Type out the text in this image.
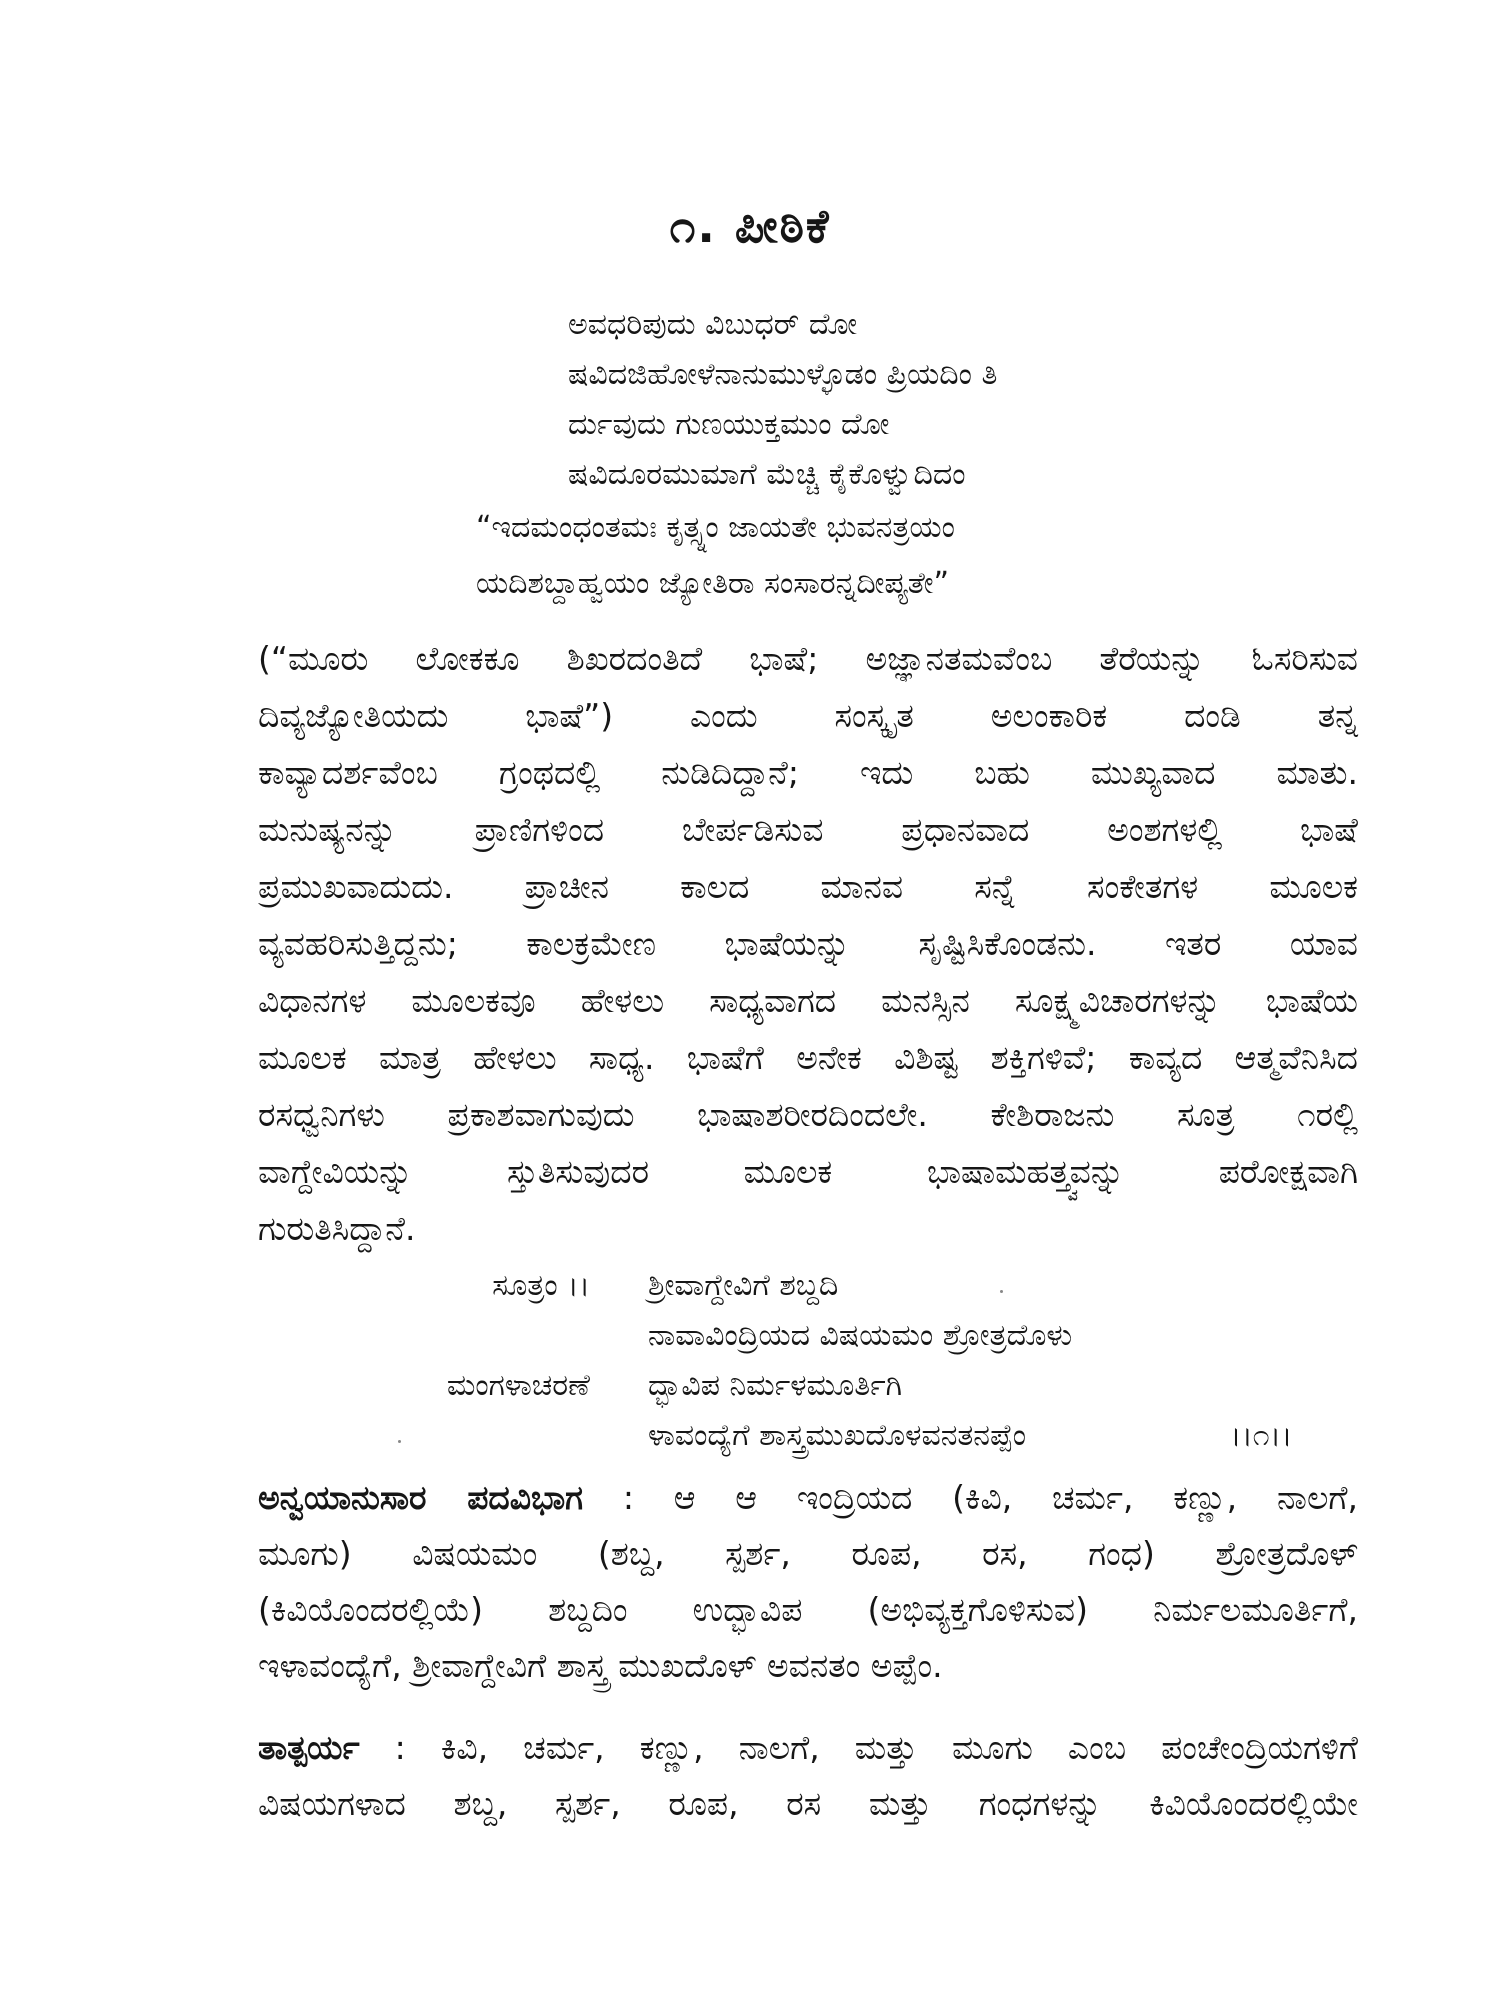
೧. ಪೀಠಿಕೆ
ಅವಧರಿಪುದು ವಿಬುಧರ್ ದೋ
ಷವಿದಜಿಹೋಳೆನಾನುಮುಳ್ಳೊಡಂ ಪ್ರಿಯದಿಂ ತಿ
ರ್ದುವುದು ಗುಣಯುಕ್ತಮುಂ ದೋ
ಷವಿದೂರಮುಮಾಗೆ ಮೆಚ್ಚಿ ಕೈಕೊಳ್ವುದಿದಂ
“ಇದಮಂಧಂತಮಃ ಕೃತ್ಸ್ನಂ ಜಾಯತೇ ಭುವನತ್ರಯಂ
ಯದಿಶಬ್ದಾಹ್ವಯಂ ಜ್ಯೋತಿರಾ ಸಂಸಾರನ್ನದೀಪ್ಯತೇ”
(“ಮೂರು ಲೋಕಕೂ ಶಿಖರದಂತಿದೆ ಭಾಷೆ; ಅಜ್ಞಾನತಮವೆಂಬ ತೆರೆಯನ್ನು ಓಸರಿಸುವ
ದಿವ್ಯಜ್ಯೋತಿಯದು ಭಾಷೆ”) ಎಂದು ಸಂಸ್ಕೃತ ಅಲಂಕಾರಿಕ ದಂಡಿ ತನ್ನ
ಕಾವ್ಯಾದರ್ಶವೆಂಬ ಗ್ರಂಥದಲ್ಲಿ ನುಡಿದಿದ್ದಾನೆ; ಇದು ಬಹು ಮುಖ್ಯವಾದ ಮಾತು.
ಮನುಷ್ಯನನ್ನು ಪ್ರಾಣಿಗಳಿಂದ ಬೇರ್ಪಡಿಸುವ ಪ್ರಧಾನವಾದ ಅಂಶಗಳಲ್ಲಿ ಭಾಷೆ
ಪ್ರಮುಖವಾದುದು. ಪ್ರಾಚೀನ ಕಾಲದ ಮಾನವ ಸನ್ನೆ ಸಂಕೇತಗಳ ಮೂಲಕ
ವ್ಯವಹರಿಸುತ್ತಿದ್ದನು; ಕಾಲಕ್ರಮೇಣ ಭಾಷೆಯನ್ನು ಸೃಷ್ಟಿಸಿಕೊಂಡನು. ಇತರ ಯಾವ
ವಿಧಾನಗಳ ಮೂಲಕವೂ ಹೇಳಲು ಸಾಧ್ಯವಾಗದ ಮನಸ್ಸಿನ ಸೂಕ್ಷ್ಮವಿಚಾರಗಳನ್ನು ಭಾಷೆಯ
ಮೂಲಕ ಮಾತ್ರ ಹೇಳಲು ಸಾಧ್ಯ. ಭಾಷೆಗೆ ಅನೇಕ ವಿಶಿಷ್ಟ ಶಕ್ತಿಗಳಿವೆ; ಕಾವ್ಯದ ಆತ್ಮವೆನಿಸಿದ
ರಸಧ್ವನಿಗಳು ಪ್ರಕಾಶವಾಗುವುದು ಭಾಷಾಶರೀರದಿಂದಲೇ. ಕೇಶಿರಾಜನು ಸೂತ್ರ ೧ರಲ್ಲಿ
ವಾಗ್ದೇವಿಯನ್ನು ಸ್ತುತಿಸುವುದರ ಮೂಲಕ ಭಾಷಾಮಹತ್ತ್ವವನ್ನು ಪರೋಕ್ಷವಾಗಿ
ಗುರುತಿಸಿದ್ದಾನೆ.
ಸೂತ್ರಂ ।। ಶ್ರೀವಾಗ್ದೇವಿಗೆ ಶಬ್ದದಿ
ನಾವಾವಿಂದ್ರಿಯದ ವಿಷಯಮಂ ಶ್ರೋತ್ರದೊಳು
ಮಂಗಳಾಚರಣೆ ದ್ಭಾವಿಪ ನಿರ್ಮಳಮೂರ್ತಿಗಿ
ಳಾವಂದ್ಯೆಗೆ ಶಾಸ್ತ್ರಮುಖದೊಳವನತನಪ್ಪೆಂ	।।೧।।
ಅನ್ವಯಾನುಸಾರ ಪದವಿಭಾಗ : ಆ ಆ ಇಂದ್ರಿಯದ (ಕಿವಿ, ಚರ್ಮ, ಕಣ್ಣು, ನಾಲಗೆ,
ಮೂಗು) ವಿಷಯಮಂ (ಶಬ್ದ, ಸ್ಪರ್ಶ, ರೂಪ, ರಸ, ಗಂಧ) ಶ್ರೋತ್ರದೊಳ್
(ಕಿವಿಯೊಂದರಲ್ಲಿಯೆ) ಶಬ್ದದಿಂ ಉದ್ಭಾವಿಪ (ಅಭಿವ್ಯಕ್ತಗೊಳಿಸುವ) ನಿರ್ಮಲಮೂರ್ತಿಗೆ,
ಇಳಾವಂದ್ಯೆಗೆ, ಶ್ರೀವಾಗ್ದೇವಿಗೆ ಶಾಸ್ತ್ರ ಮುಖದೊಳ್ ಅವನತಂ ಅಪ್ಪೆಂ.
ತಾತ್ಪರ್ಯ : ಕಿವಿ, ಚರ್ಮ, ಕಣ್ಣು, ನಾಲಗೆ, ಮತ್ತು ಮೂಗು ಎಂಬ ಪಂಚೇಂದ್ರಿಯಗಳಿಗೆ
ವಿಷಯಗಳಾದ ಶಬ್ದ, ಸ್ಪರ್ಶ, ರೂಪ, ರಸ ಮತ್ತು ಗಂಧಗಳನ್ನು ಕಿವಿಯೊಂದರಲ್ಲಿಯೇ
